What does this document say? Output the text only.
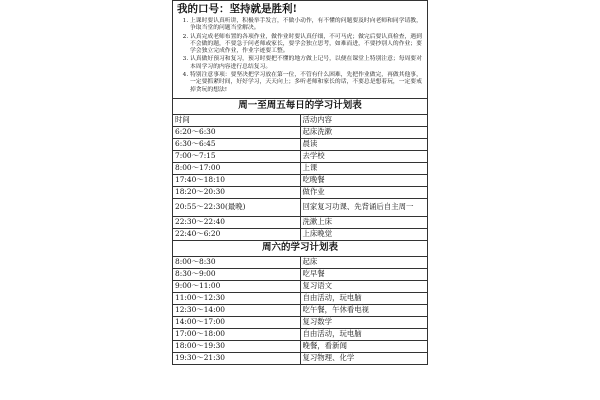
我的口号：坚持就是胜利!
1. 上课时要认真听讲，积极举手发言，不做小动作，有不懂的问题要及时向老师和同学请教，争取当堂的问题当堂解决。
2. 认真完成老师布置的各项作业，做作业时要认真仔细，不可马虎；做完后要认真检查，遇到不会做的题，不要急于问老师或家长，要学会独立思考，如难而进，不要抄别人的作业；要学会独立完成作业，作业字迹要工整。
3. 认真做好预习和复习，预习时要把不懂的地方做上记号，以便在课堂上特别注意；每周要对本周学习的内容进行总结复习。
4. 特别注意事项：要坚决把学习放在第一位，不管有什么困难，先把作业做完，再做其他事，一定要抓紧时间，好好学习，天天向上；多听老师和家长的话，不要总是想着玩，一定要戒掉贪玩的想法!
周一至周五每日的学习计划表	
时间	活动内容
6:20～6:30	起床洗漱
6:30～6:45	晨读
7:00～7:15	去学校
8:00～17:00	上课
17:40～18:10	吃晚餐
18:20～20:30	做作业
20:55～22:30(最晚)	回家复习功课、先背诵后自主周一
22:30～22:40	洗漱上床
22:40～6:20	上床晚觉
周六的学习计划表	
8:00～8:30	起床
8:30～9:00	吃早餐
9:00～11:00	复习语文
11:00～12:30	自由活动，玩电脑
12:30～14:00	吃午餐，午休看电视
14:00～17:00	复习数学
17:00～18:00	自由活动，玩电脑
18:00～19:30	晚餐，看新闻
19:30～21:30	复习物理、化学
